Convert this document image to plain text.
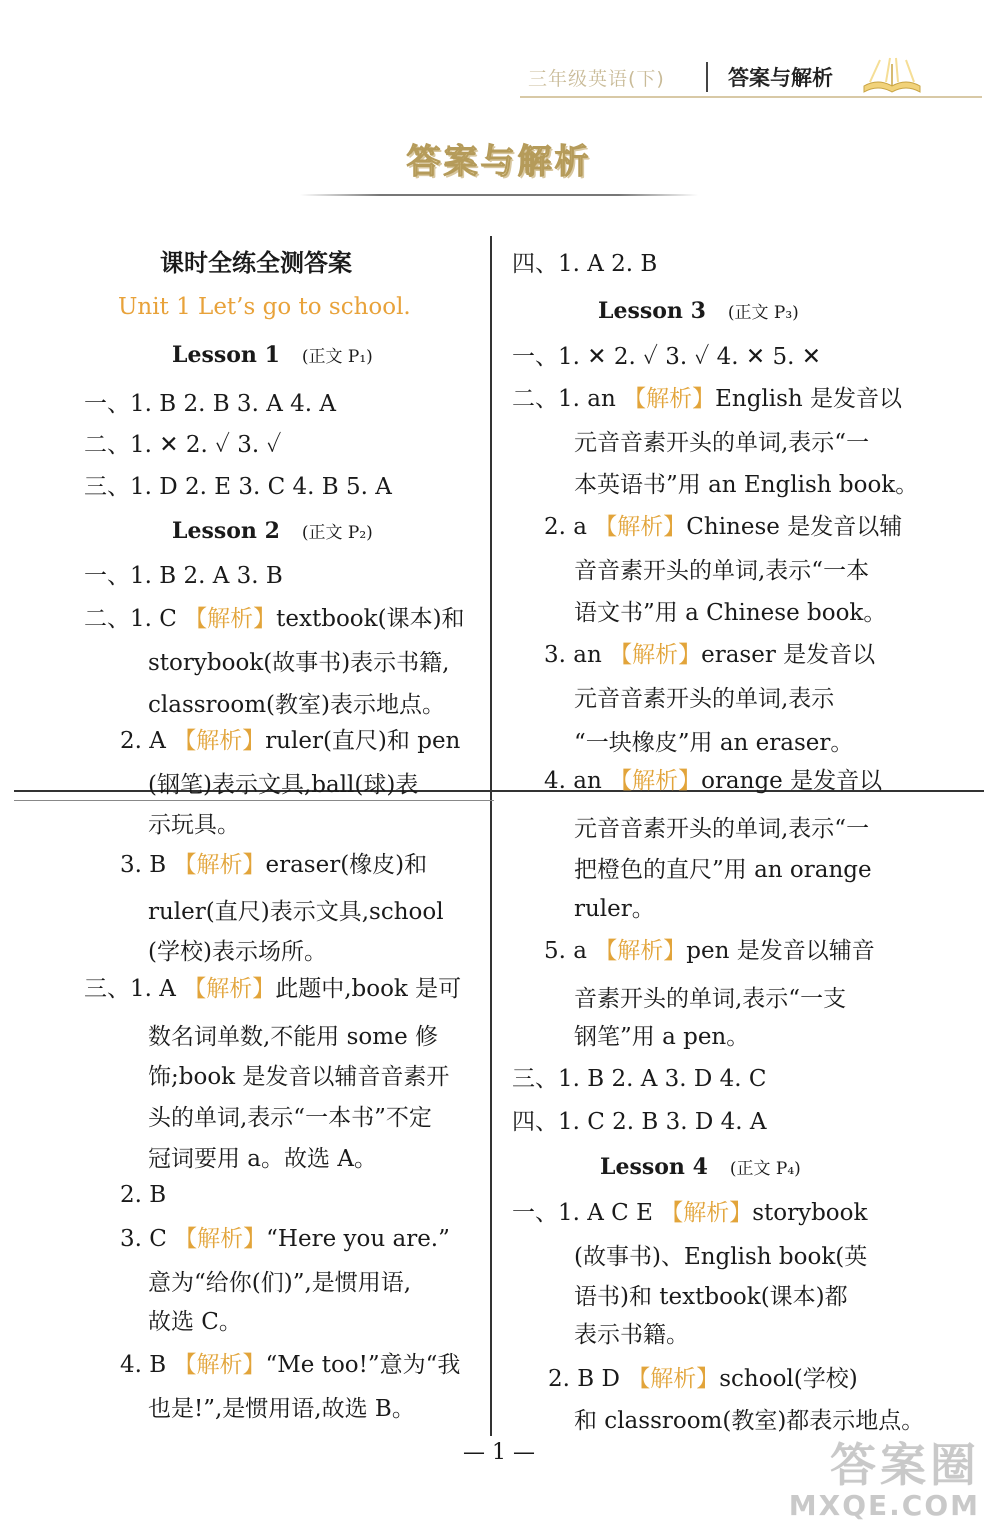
三年级英语(下)	答案与解析
答案与解析
课时全练全测答案
Unit 1 Let’s go to school.
Lesson 1 (正文 P₁)
一、1. B 2. B 3. A 4. A
二、1. ✕ 2. ✓ 3. ✓
三、1. D 2. E 3. C 4. B 5. A
Lesson 2 (正文 P₂)
一、1. B 2. A 3. B
二、1. C 【解析】textbook(课本)和
storybook(故事书)表示书籍,
classroom(教室)表示地点。
2. A 【解析】ruler(直尺)和 pen
(钢笔)表示文具,ball(球)表
示玩具。
3. B 【解析】eraser(橡皮)和
ruler(直尺)表示文具,school
(学校)表示场所。
三、1. A 【解析】此题中,book 是可
数名词单数,不能用 some 修
饰;book 是发音以辅音音素开
头的单词,表示“一本书”不定
冠词要用 a。故选 A。
2. B
3. C 【解析】“Here you are.”
意为“给你(们)”,是惯用语,
故选 C。
4. B 【解析】“Me too!”意为“我
也是!”,是惯用语,故选 B。
四、1. A 2. B
Lesson 3 (正文 P₃)
一、1. ✕ 2. ✓ 3. ✓ 4. ✕ 5. ✕
二、1. an 【解析】English 是发音以
元音音素开头的单词,表示“一
本英语书”用 an English book。
2. a 【解析】Chinese 是发音以辅
音音素开头的单词,表示“一本
语文书”用 a Chinese book。
3. an 【解析】eraser 是发音以
元音音素开头的单词,表示
“一块橡皮”用 an eraser。
4. an 【解析】orange 是发音以
元音音素开头的单词,表示“一
把橙色的直尺”用 an orange
ruler。
5. a 【解析】pen 是发音以辅音
音素开头的单词,表示“一支
钢笔”用 a pen。
三、1. B 2. A 3. D 4. C
四、1. C 2. B 3. D 4. A
Lesson 4 (正文 P₄)
一、1. A C E 【解析】storybook
(故事书)、English book(英
语书)和 textbook(课本)都
表示书籍。
2. B D 【解析】school(学校)
和 classroom(教室)都表示地点。
— 1 —	答案圈
MXQE.COM
